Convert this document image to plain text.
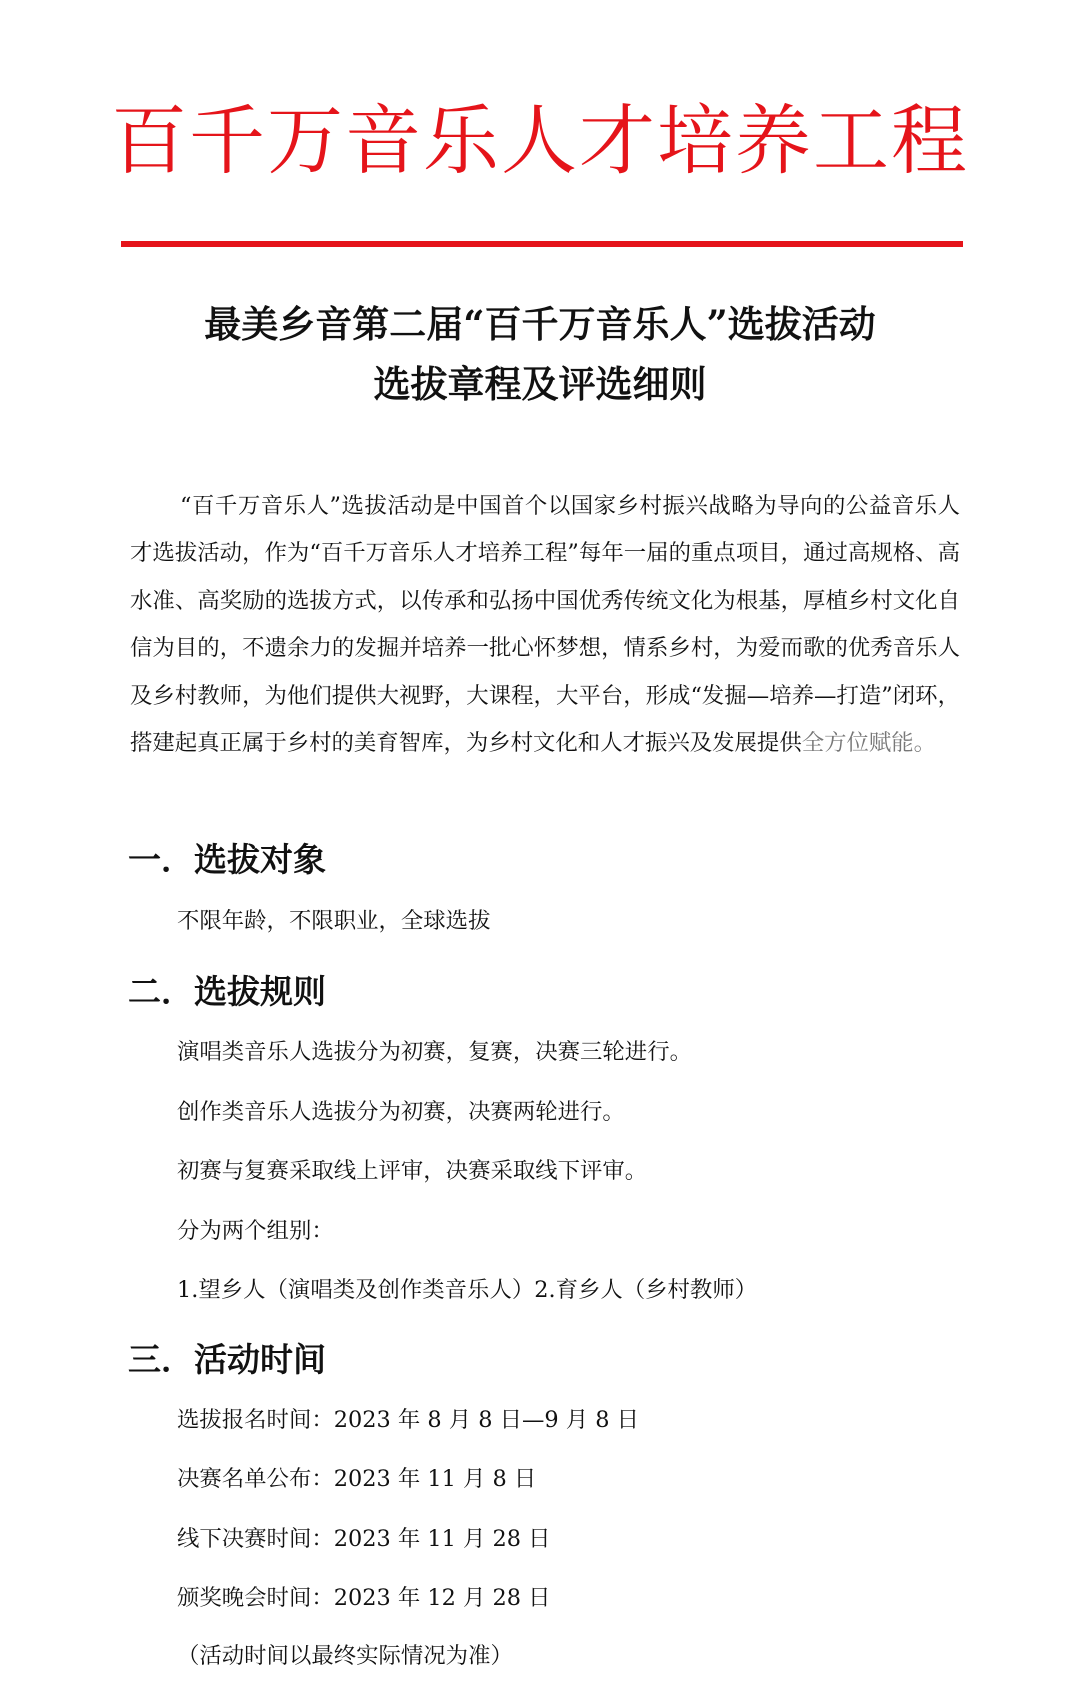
百千万音乐人才培养工程
最美乡音第二届“百千万音乐人”选拔活动
选拔章程及评选细则

“百千万音乐人”选拔活动是中国首个以国家乡村振兴战略为导向的公益音乐人才选拔活动，作为“百千万音乐人才培养工程”每年一届的重点项目，通过高规格、高水准、高奖励的选拔方式，以传承和弘扬中国优秀传统文化为根基，厚植乡村文化自信为目的，不遗余力的发掘并培养一批心怀梦想，情系乡村，为爱而歌的优秀音乐人及乡村教师，为他们提供大视野，大课程，大平台，形成“发掘—培养—打造”闭环，搭建起真正属于乡村的美育智库，为乡村文化和人才振兴及发展提供全方位赋能。

一．选拔对象

不限年龄，不限职业，全球选拔

二．选拔规则

演唱类音乐人选拔分为初赛，复赛，决赛三轮进行。

创作类音乐人选拔分为初赛，决赛两轮进行。

初赛与复赛采取线上评审，决赛采取线下评审。

分为两个组别：

1.望乡人（演唱类及创作类音乐人）2.育乡人（乡村教师）

三．活动时间

选拔报名时间：2023 年 8 月 8 日—9 月 8 日

决赛名单公布：2023 年 11 月 8 日

线下决赛时间：2023 年 11 月 28 日

颁奖晚会时间：2023 年 12 月 28 日

（活动时间以最终实际情况为准）
